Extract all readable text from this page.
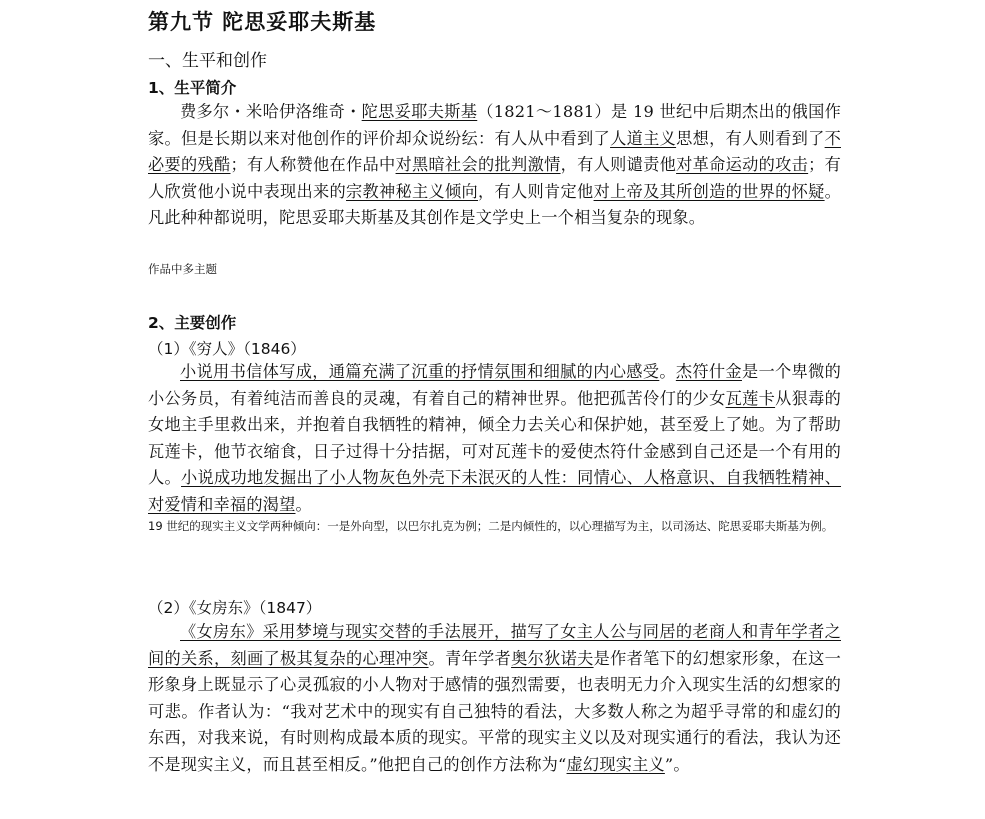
第九节 陀思妥耶夫斯基
一、生平和创作
1、生平简介
费多尔・米哈伊洛维奇・陀思妥耶夫斯基（1821～1881）是 19 世纪中后期杰出的俄国作家。但是长期以来对他创作的评价却众说纷纭：有人从中看到了人道主义思想，有人则看到了不必要的残酷；有人称赞他在作品中对黑暗社会的批判激情，有人则谴责他对革命运动的攻击；有人欣赏他小说中表现出来的宗教神秘主义倾向，有人则肯定他对上帝及其所创造的世界的怀疑。凡此种种都说明，陀思妥耶夫斯基及其创作是文学史上一个相当复杂的现象。
作品中多主题
2、主要创作
（1）《穷人》（1846）
小说用书信体写成，通篇充满了沉重的抒情氛围和细腻的内心感受。杰符什金是一个卑微的小公务员，有着纯洁而善良的灵魂，有着自己的精神世界。他把孤苦伶仃的少女瓦莲卡从狠毒的女地主手里救出来，并抱着自我牺牲的精神，倾全力去关心和保护她，甚至爱上了她。为了帮助瓦莲卡，他节衣缩食，日子过得十分拮据，可对瓦莲卡的爱使杰符什金感到自己还是一个有用的人。小说成功地发掘出了小人物灰色外壳下未泯灭的人性：同情心、人格意识、自我牺牲精神、对爱情和幸福的渴望。
19 世纪的现实主义文学两种倾向：一是外向型，以巴尔扎克为例；二是内倾性的，以心理描写为主，以司汤达、陀思妥耶夫斯基为例。
（2）《女房东》（1847）
《女房东》采用梦境与现实交替的手法展开，描写了女主人公与同居的老商人和青年学者之间的关系，刻画了极其复杂的心理冲突。青年学者奥尔狄诺夫是作者笔下的幻想家形象，在这一形象身上既显示了心灵孤寂的小人物对于感情的强烈需要，也表明无力介入现实生活的幻想家的可悲。作者认为：“我对艺术中的现实有自己独特的看法，大多数人称之为超乎寻常的和虚幻的东西，对我来说，有时则构成最本质的现实。平常的现实主义以及对现实通行的看法，我认为还不是现实主义，而且甚至相反。”他把自己的创作方法称为“虚幻现实主义”。
